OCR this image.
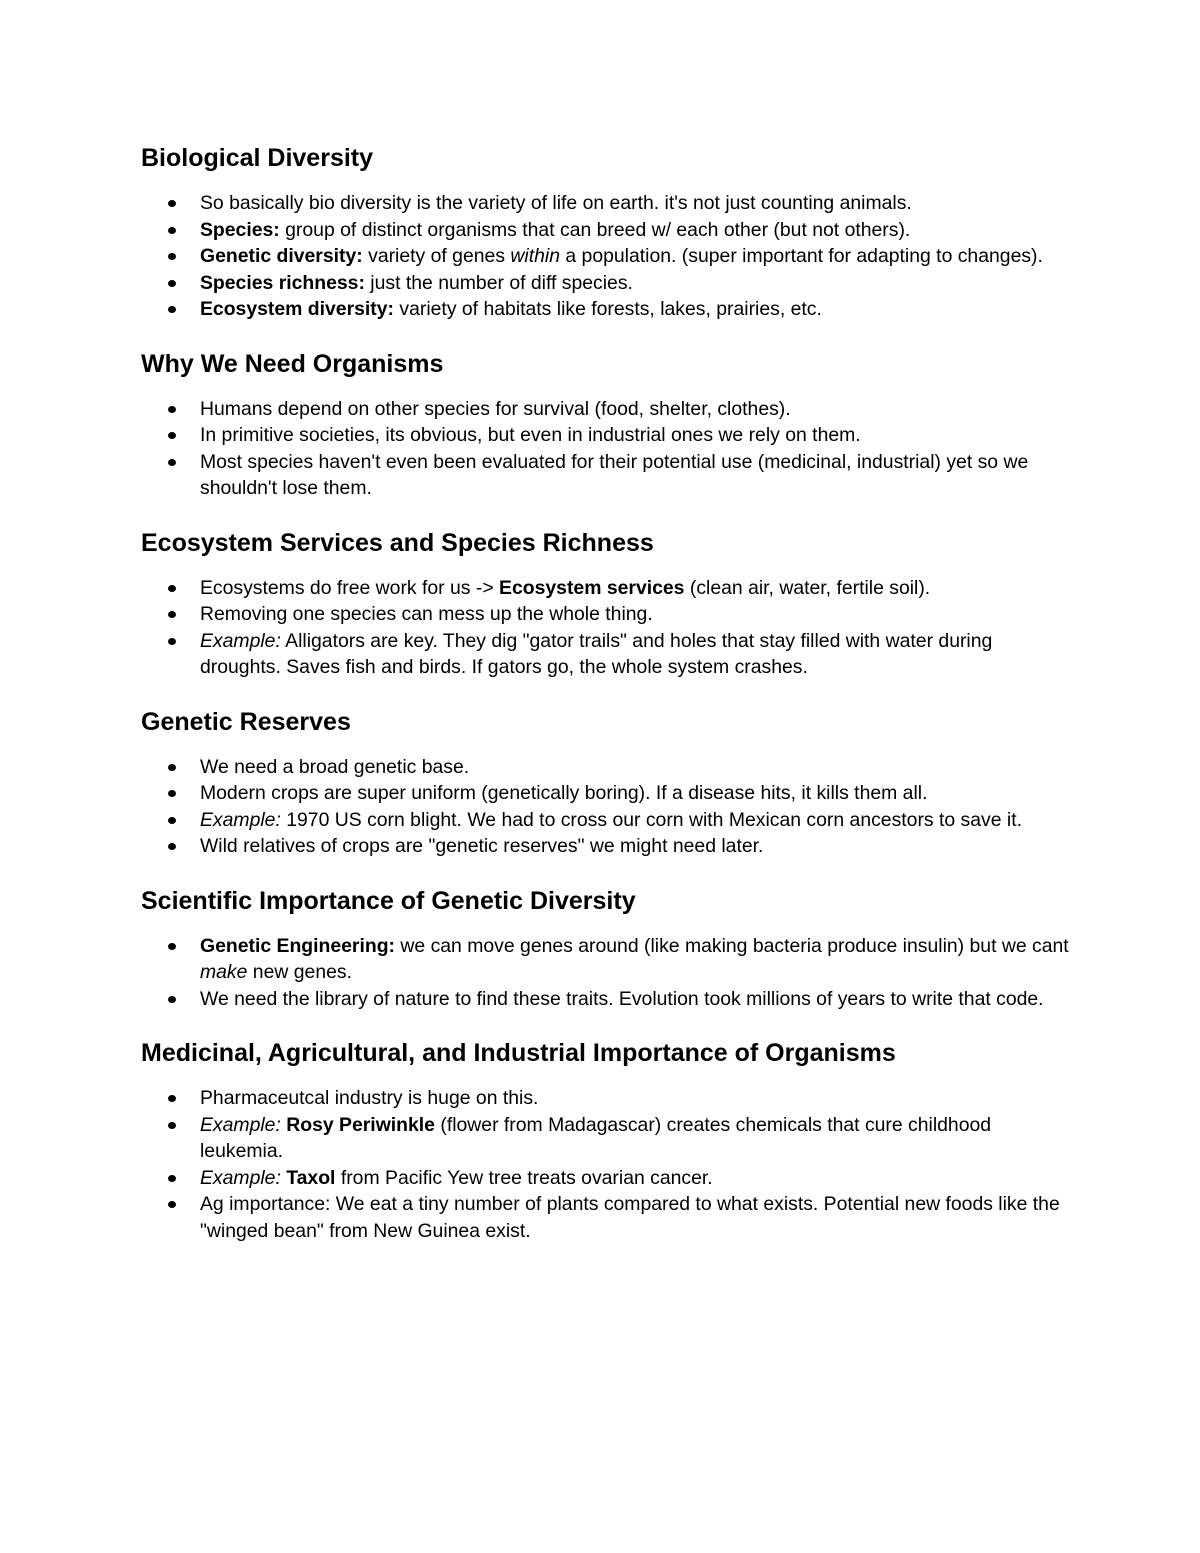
Biological Diversity
So basically bio diversity is the variety of life on earth. it's not just counting animals.
Species: group of distinct organisms that can breed w/ each other (but not others).
Genetic diversity: variety of genes within a population. (super important for adapting to changes).
Species richness: just the number of diff species.
Ecosystem diversity: variety of habitats like forests, lakes, prairies, etc.
Why We Need Organisms
Humans depend on other species for survival (food, shelter, clothes).
In primitive societies, its obvious, but even in industrial ones we rely on them.
Most species haven't even been evaluated for their potential use (medicinal, industrial) yet so we shouldn't lose them.
Ecosystem Services and Species Richness
Ecosystems do free work for us -> Ecosystem services (clean air, water, fertile soil).
Removing one species can mess up the whole thing.
Example: Alligators are key. They dig "gator trails" and holes that stay filled with water during droughts. Saves fish and birds. If gators go, the whole system crashes.
Genetic Reserves
We need a broad genetic base.
Modern crops are super uniform (genetically boring). If a disease hits, it kills them all.
Example: 1970 US corn blight. We had to cross our corn with Mexican corn ancestors to save it.
Wild relatives of crops are "genetic reserves" we might need later.
Scientific Importance of Genetic Diversity
Genetic Engineering: we can move genes around (like making bacteria produce insulin) but we cant make new genes.
We need the library of nature to find these traits. Evolution took millions of years to write that code.
Medicinal, Agricultural, and Industrial Importance of Organisms
Pharmaceutcal industry is huge on this.
Example: Rosy Periwinkle (flower from Madagascar) creates chemicals that cure childhood leukemia.
Example: Taxol from Pacific Yew tree treats ovarian cancer.
Ag importance: We eat a tiny number of plants compared to what exists. Potential new foods like the "winged bean" from New Guinea exist.
